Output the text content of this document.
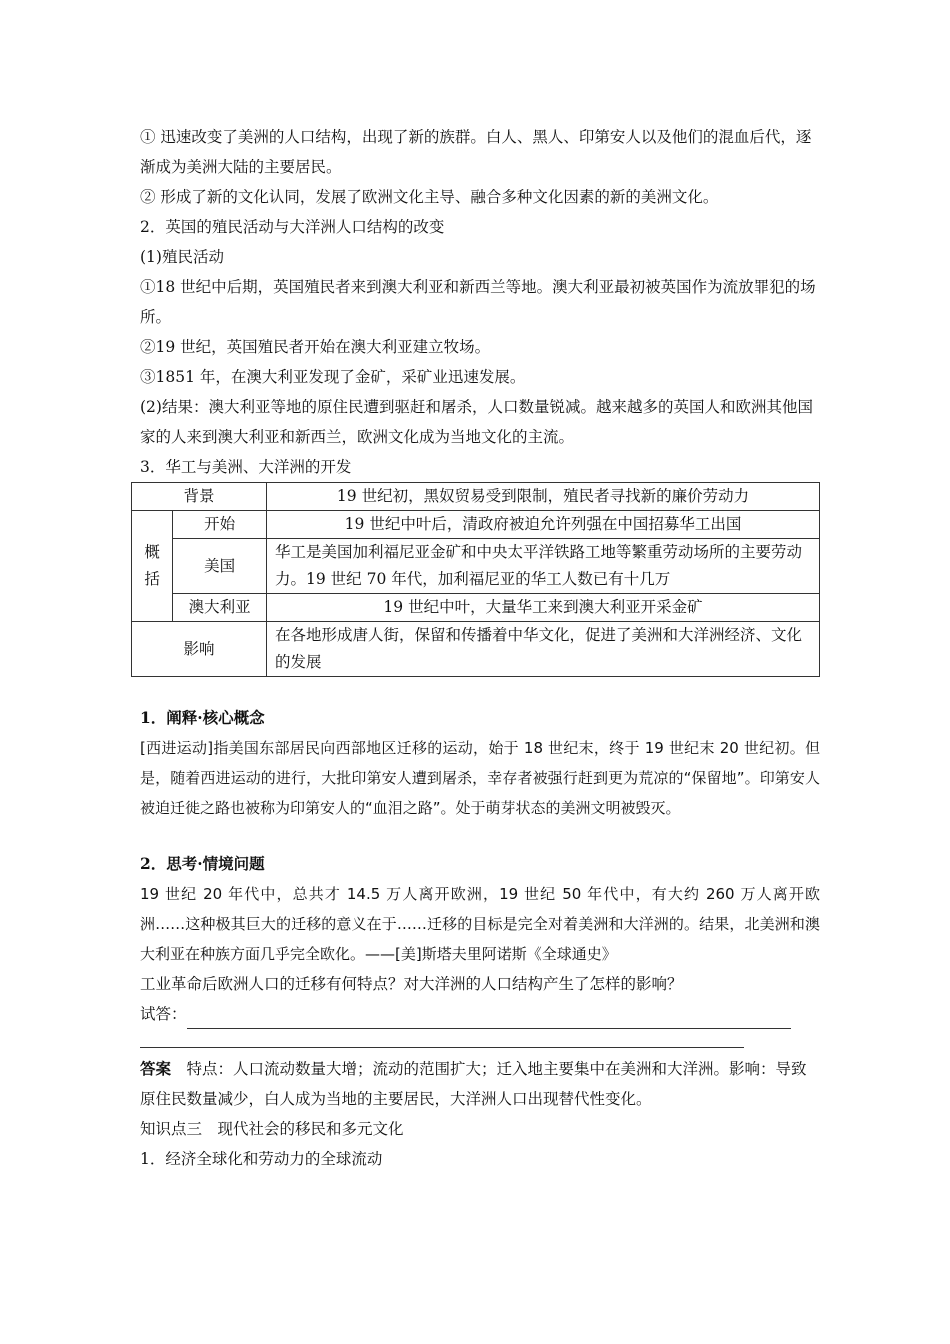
① 迅速改变了美洲的人口结构，出现了新的族群。白人、黑人、印第安人以及他们的混血后代，逐渐成为美洲大陆的主要居民。
② 形成了新的文化认同，发展了欧洲文化主导、融合多种文化因素的新的美洲文化。
2．英国的殖民活动与大洋洲人口结构的改变
(1)殖民活动
①18 世纪中后期，英国殖民者来到澳大利亚和新西兰等地。澳大利亚最初被英国作为流放罪犯的场所。
②19 世纪，英国殖民者开始在澳大利亚建立牧场。
③1851 年，在澳大利亚发现了金矿，采矿业迅速发展。
(2)结果：澳大利亚等地的原住民遭到驱赶和屠杀，人口数量锐减。越来越多的英国人和欧洲其他国家的人来到澳大利亚和新西兰，欧洲文化成为当地文化的主流。
3．华工与美洲、大洋洲的开发
背景		19 世纪初，黑奴贸易受到限制，殖民者寻找新的廉价劳动力
概
括	开始	19 世纪中叶后，清政府被迫允许列强在中国招募华工出国
	美国	华工是美国加利福尼亚金矿和中央太平洋铁路工地等繁重劳动场所的主要劳动力。19 世纪 70 年代，加利福尼亚的华工人数已有十几万
	澳大利亚	19 世纪中叶，大量华工来到澳大利亚开采金矿
影响		在各地形成唐人街，保留和传播着中华文化，促进了美洲和大洋洲经济、文化的发展
1．阐释·核心概念
[西进运动]指美国东部居民向西部地区迁移的运动，始于 18 世纪末，终于 19 世纪末 20 世纪初。但是，随着西进运动的进行，大批印第安人遭到屠杀，幸存者被强行赶到更为荒凉的“保留地”。印第安人被迫迁徙之路也被称为印第安人的“血泪之路”。处于萌芽状态的美洲文明被毁灭。
2．思考·情境问题
19 世纪 20 年代中，总共才 14.5 万人离开欧洲，19 世纪 50 年代中，有大约 260 万人离开欧洲……这种极其巨大的迁移的意义在于……迁移的目标是完全对着美洲和大洋洲的。结果，北美洲和澳大利亚在种族方面几乎完全欧化。——[美]斯塔夫里阿诺斯《全球通史》
工业革命后欧洲人口的迁移有何特点？对大洋洲的人口结构产生了怎样的影响？
试答：
答案　 特点：人口流动数量大增；流动的范围扩大；迁入地主要集中在美洲和大洋洲。影响：导致原住民数量减少，白人成为当地的主要居民，大洋洲人口出现替代性变化。
知识点三　现代社会的移民和多元文化
1．经济全球化和劳动力的全球流动
